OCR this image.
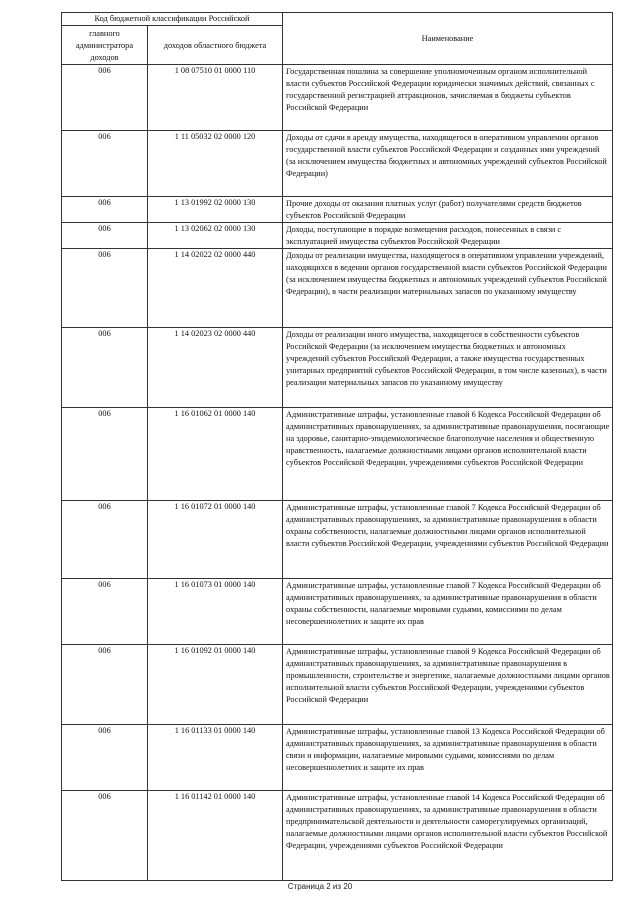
Код бюджетной классификации Российской		Наименование
главного администратора доходов	доходов областного бюджета	
006	1 08 07510 01 0000 110	Государственная пошлина за совершение уполномоченным органом исполнительной власти субъектов Российской Федерации юридически значимых действий, связанных с государственной регистрацией аттракционов, зачисляемая в бюджеты субъектов Российской Федерации
006	1 11 05032 02 0000 120	Доходы от сдачи в аренду имущества, находящегося в оперативном управлении органов государственной власти субъектов Российской Федерации и созданных ими учреждений (за исключением имущества бюджетных и автономных учреждений субъектов Российской Федерации)
006	1 13 01992 02 0000 130	Прочие доходы от оказания платных услуг (работ) получателями средств бюджетов субъектов Российской Федерации
006	1 13 02062 02 0000 130	Доходы, поступающие в порядке возмещения расходов, понесенных в связи с эксплуатацией имущества субъектов Российской Федерации
006	1 14 02022 02 0000 440	Доходы от реализации имущества, находящегося в оперативном управлении учреждений, находящихся в ведении органов государственной власти субъектов Российской Федерации (за исключением имущества бюджетных и автономных учреждений субъектов Российской Федерации), в части реализации материальных запасов по указанному имуществу
006	1 14 02023 02 0000 440	Доходы от реализации иного имущества, находящегося в собственности субъектов Российской Федерации (за исключением имущества бюджетных и автономных учреждений субъектов Российской Федерации, а также имущества государственных унитарных предприятий субъектов Российской Федерации, в том числе казенных), в части реализации материальных запасов по указанному имуществу
006	1 16 01062 01 0000 140	Административные штрафы, установленные главой 6 Кодекса Российской Федерации об административных правонарушениях, за административные правонарушения, посягающие на здоровье, санитарно-эпидемиологическое благополучие населения и общественную нравственность, налагаемые должностными лицами органов исполнительной власти субъектов Российской Федерации, учреждениями субъектов Российской Федерации
006	1 16 01072 01 0000 140	Административные штрафы, установленные главой 7 Кодекса Российской Федерации об административных правонарушениях, за административные правонарушения в области охраны собственности, налагаемые должностными лицами органов исполнительной власти субъектов Российской Федерации, учреждениями субъектов Российской Федерации
006	1 16 01073 01 0000 140	Административные штрафы, установленные главой 7 Кодекса Российской Федерации об административных правонарушениях, за административные правонарушения в области охраны собственности, налагаемые мировыми судьями, комиссиями по делам несовершеннолетних и защите их прав
006	1 16 01092 01 0000 140	Административные штрафы, установленные главой 9 Кодекса Российской Федерации об административных правонарушениях, за административные правонарушения в промышленности, строительстве и энергетике, налагаемые должностными лицами органов исполнительной власти субъектов Российской Федерации, учреждениями субъектов Российской Федерации
006	1 16 01133 01 0000 140	Административные штрафы, установленные главой 13 Кодекса Российской Федерации об административных правонарушениях, за административные правонарушения в области связи и информации, налагаемые мировыми судьями, комиссиями по делам несовершеннолетних и защите их прав
006	1 16 01142 01 0000 140	Административные штрафы, установленные главой 14 Кодекса Российской Федерации об административных правонарушениях, за административные правонарушения в области предпринимательской деятельности и деятельности саморегулируемых организаций, налагаемые должностными лицами органов исполнительной власти субъектов Российской Федерации, учреждениями субъектов Российской Федерации
Страница 2 из 20
